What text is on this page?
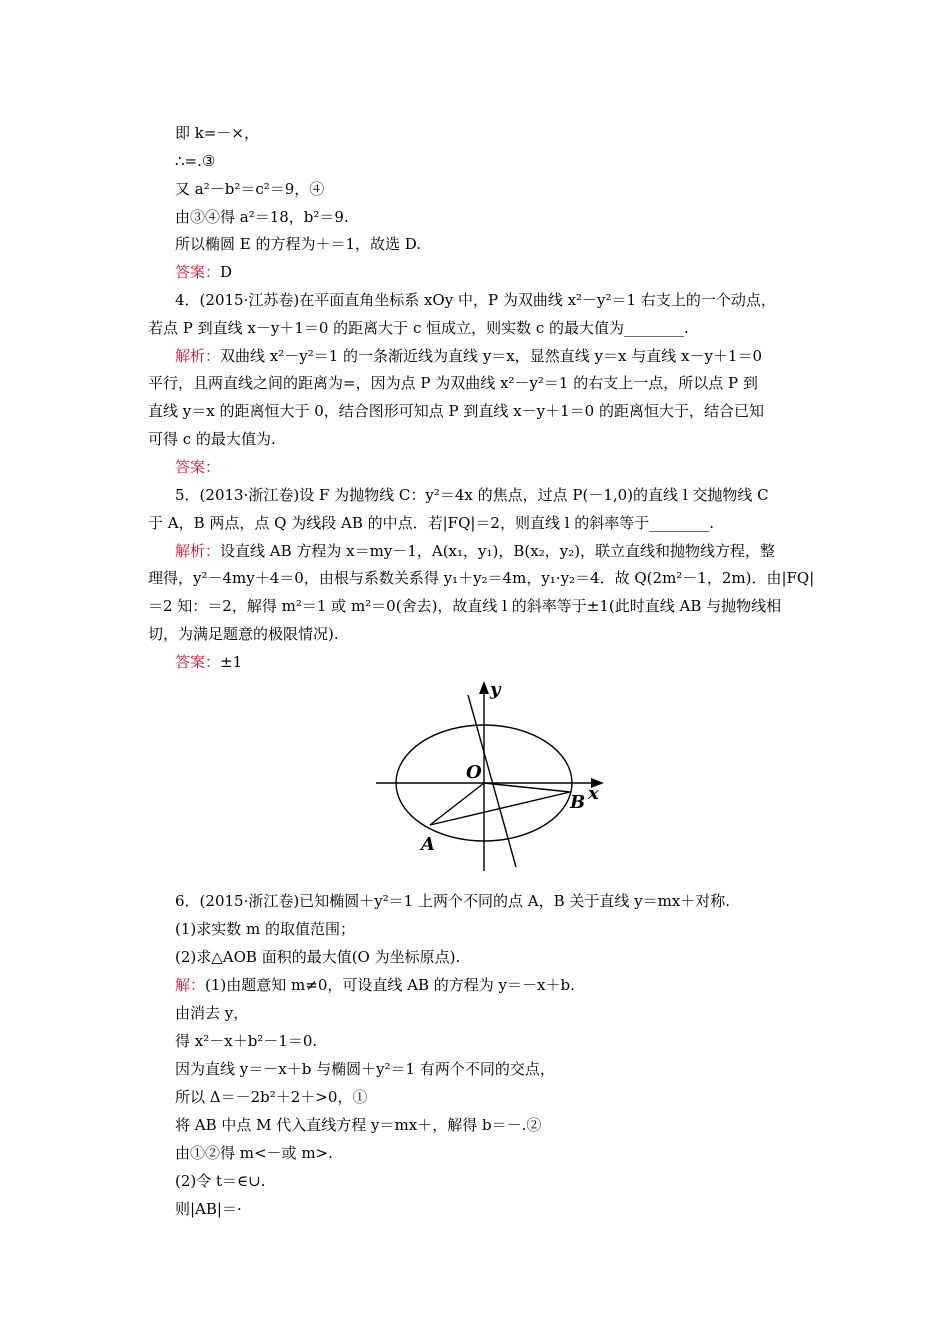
即 k=－×，
∴=.③
又 a²－b²＝c²＝9，④
由③④得 a²＝18，b²＝9.
所以椭圆 E 的方程为＋＝1，故选 D.
答案：D
4．(2015·江苏卷)在平面直角坐标系 xOy 中，P 为双曲线 x²－y²＝1 右支上的一个动点，
若点 P 到直线 x－y＋1＝0 的距离大于 c 恒成立，则实数 c 的最大值为________.
解析：双曲线 x²－y²＝1 的一条渐近线为直线 y＝x，显然直线 y＝x 与直线 x－y＋1＝0
平行，且两直线之间的距离为=，因为点 P 为双曲线 x²－y²＝1 的右支上一点，所以点 P 到
直线 y＝x 的距离恒大于 0，结合图形可知点 P 到直线 x－y＋1＝0 的距离恒大于，结合已知
可得 c 的最大值为.
答案：
5．(2013·浙江卷)设 F 为抛物线 C：y²＝4x 的焦点，过点 P(－1,0)的直线 l 交抛物线 C
于 A，B 两点，点 Q 为线段 AB 的中点．若|FQ|＝2，则直线 l 的斜率等于________.
解析：设直线 AB 方程为 x＝my－1，A(x₁，y₁)，B(x₂，y₂)，联立直线和抛物线方程，整
理得，y²－4my＋4＝0，由根与系数关系得 y₁＋y₂＝4m，y₁·y₂＝4．故 Q(2m²－1，2m)．由|FQ|
＝2 知：＝2，解得 m²＝1 或 m²＝0(舍去)，故直线 l 的斜率等于±1(此时直线 AB 与抛物线相
切，为满足题意的极限情况).
答案：±1
y
x
O
B
A
6．(2015·浙江卷)已知椭圆＋y²＝1 上两个不同的点 A，B 关于直线 y＝mx＋对称.
(1)求实数 m 的取值范围；
(2)求△AOB 面积的最大值(O 为坐标原点).
解：(1)由题意知 m≠0，可设直线 AB 的方程为 y＝－x＋b.
由消去 y，
得 x²－x＋b²－1＝0.
因为直线 y＝－x＋b 与椭圆＋y²＝1 有两个不同的交点，
所以 Δ＝－2b²＋2＋>0，①
将 AB 中点 M 代入直线方程 y＝mx＋，解得 b＝－.②
由①②得 m<－或 m>.
(2)令 t＝∈∪.
则|AB|＝·
